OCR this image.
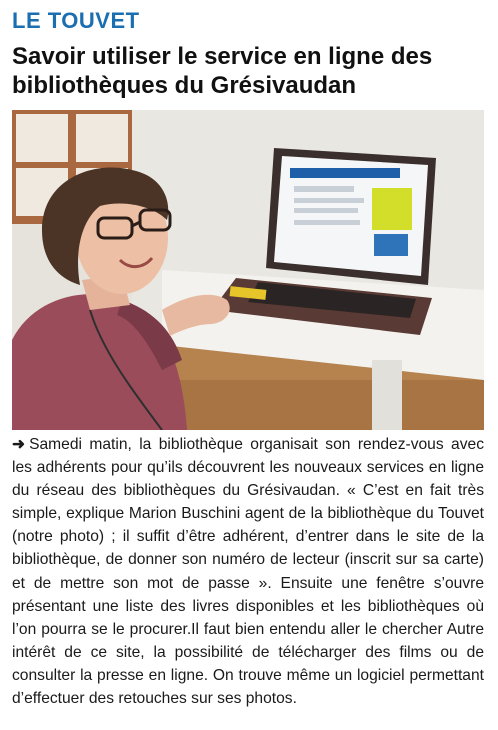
LE TOUVET
Savoir utiliser le service en ligne des bibliothèques du Grésivaudan
➜ Samedi matin, la bibliothèque organisait son rendez-vous avec les adhérents pour qu’ils découvrent les nouveaux services en ligne du réseau des bibliothèques du Grésivaudan. « C’est en fait très simple, explique Marion Buschini agent de la bibliothèque du Touvet (notre photo) ; il suffit d’être adhérent, d’entrer dans le site de la bibliothèque, de donner son numéro de lecteur (inscrit sur sa carte) et de mettre son mot de passe ». Ensuite une fenêtre s’ouvre présentant une liste des livres disponibles et les bibliothèques où l’on pourra se le procurer.Il faut bien entendu aller le chercher Autre intérêt de ce site, la possibilité de télécharger des films ou de consulter la presse en ligne. On trouve même un logiciel permettant d’effectuer des retouches sur ses photos.
